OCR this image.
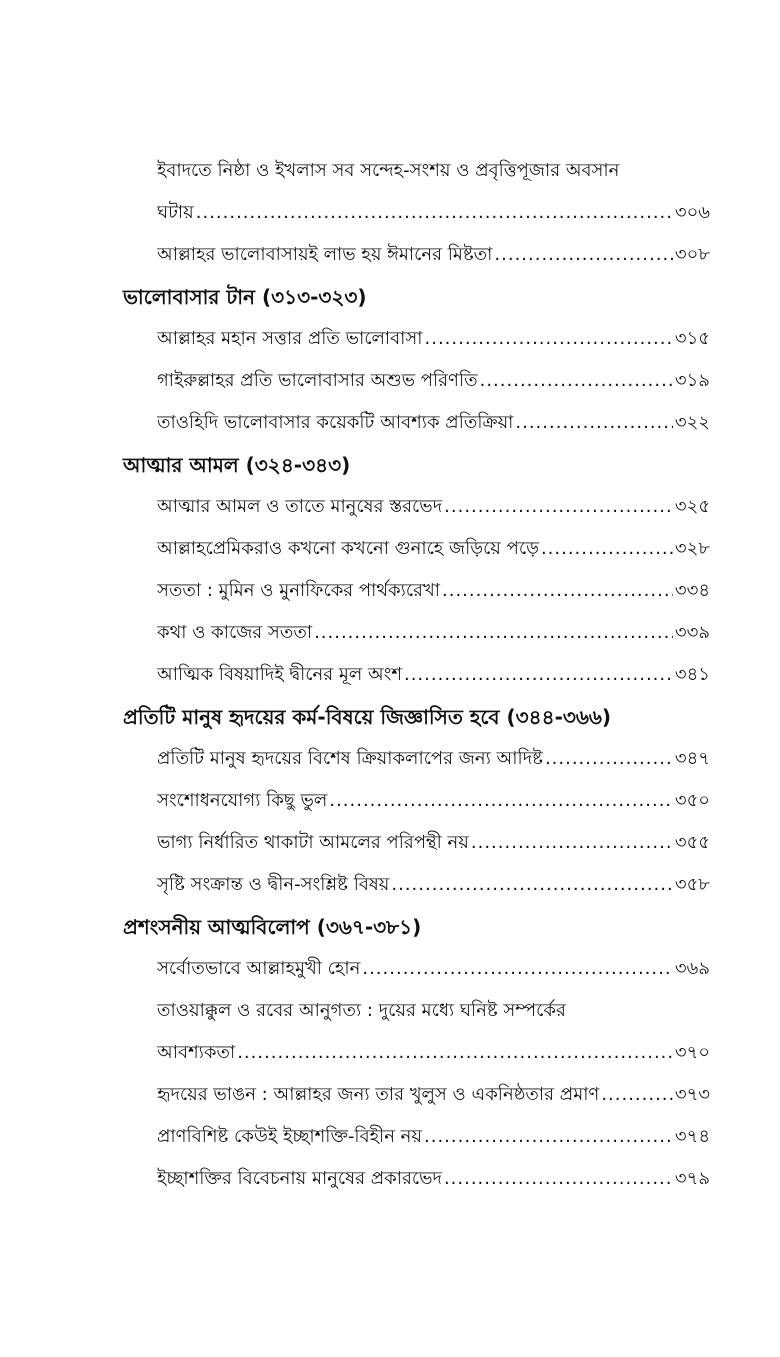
ইবাদতে নিষ্ঠা ও ইখলাস সব সন্দেহ-সংশয় ও প্রবৃত্তিপূজার অবসান
ঘটায় .....	৩০৬
আল্লাহর ভালোবাসায়ই লাভ হয় ঈমানের মিষ্টতা .....	৩০৮
ভালোবাসার টান (৩১৩-৩২৩)
আল্লাহর মহান সত্তার প্রতি ভালোবাসা .....	৩১৫
গাইরুল্লাহর প্রতি ভালোবাসার অশুভ পরিণতি .....	৩১৯
তাওহিদি ভালোবাসার কয়েকটি আবশ্যক প্রতিক্রিয়া .....	৩২২
আত্মার আমল (৩২৪-৩৪৩)
আত্মার আমল ও তাতে মানুষের স্তরভেদ .....	৩২৫
আল্লাহপ্রেমিকরাও কখনো কখনো গুনাহে জড়িয়ে পড়ে .....	৩২৮
সততা : মুমিন ও মুনাফিকের পার্থক্যরেখা .....	৩৩৪
কথা ও কাজের সততা .....	৩৩৯
আত্মিক বিষয়াদিই দ্বীনের মূল অংশ .....	৩৪১
প্রতিটি মানুষ হৃদয়ের কর্ম-বিষয়ে জিজ্ঞাসিত হবে (৩৪৪-৩৬৬)
প্রতিটি মানুষ হৃদয়ের বিশেষ ক্রিয়াকলাপের জন্য আদিষ্ট .....	৩৪৭
সংশোধনযোগ্য কিছু ভুল .....	৩৫০
ভাগ্য নির্ধারিত থাকাটা আমলের পরিপন্থী নয় .....	৩৫৫
সৃষ্টি সংক্রান্ত ও দ্বীন-সংশ্লিষ্ট বিষয় .....	৩৫৮
প্রশংসনীয় আত্মবিলোপ (৩৬৭-৩৮১)
সর্বোতভাবে আল্লাহমুখী হোন .....	৩৬৯
তাওয়াক্কুল ও রবের আনুগত্য : দুয়ের মধ্যে ঘনিষ্ট সম্পর্কের
আবশ্যকতা .....	৩৭০
হৃদয়ের ভাঙন : আল্লাহর জন্য তার খুলুস ও একনিষ্ঠতার প্রমাণ .....	৩৭৩
প্রাণবিশিষ্ট কেউই ইচ্ছাশক্তি-বিহীন নয় .....	৩৭৪
ইচ্ছাশক্তির বিবেচনায় মানুষের প্রকারভেদ .....	৩৭৯
